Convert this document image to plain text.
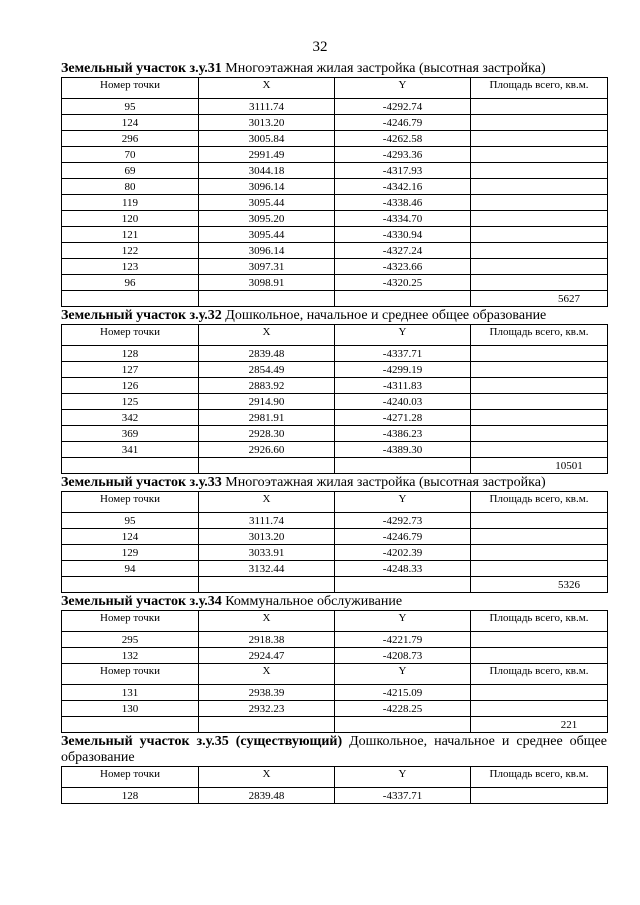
32

Земельный участок з.у.31 Многоэтажная жилая застройка (высотная застройка)

Номер точки	X	Y	Площадь всего, кв.м.
95	3111.74	-4292.74	
124	3013.20	-4246.79	
296	3005.84	-4262.58	
70	2991.49	-4293.36	
69	3044.18	-4317.93	
80	3096.14	-4342.16	
119	3095.44	-4338.46	
120	3095.20	-4334.70	
121	3095.44	-4330.94	
122	3096.14	-4327.24	
123	3097.31	-4323.66	
96	3098.91	-4320.25	
			5627

Земельный участок з.у.32 Дошкольное, начальное и среднее общее образование

Номер точки	X	Y	Площадь всего, кв.м.
128	2839.48	-4337.71	
127	2854.49	-4299.19	
126	2883.92	-4311.83	
125	2914.90	-4240.03	
342	2981.91	-4271.28	
369	2928.30	-4386.23	
341	2926.60	-4389.30	
			10501

Земельный участок з.у.33 Многоэтажная жилая застройка (высотная застройка)

Номер точки	X	Y	Площадь всего, кв.м.
95	3111.74	-4292.73	
124	3013.20	-4246.79	
129	3033.91	-4202.39	
94	3132.44	-4248.33	
			5326

Земельный участок з.у.34 Коммунальное обслуживание

Номер точки	X	Y	Площадь всего, кв.м.
295	2918.38	-4221.79	
132	2924.47	-4208.73	
Номер точки	X	Y	Площадь всего, кв.м.
131	2938.39	-4215.09	
130	2932.23	-4228.25	
			221

Земельный участок з.у.35 (существующий) Дошкольное, начальное и среднее общее образование

Номер точки	X	Y	Площадь всего, кв.м.
128	2839.48	-4337.71	
